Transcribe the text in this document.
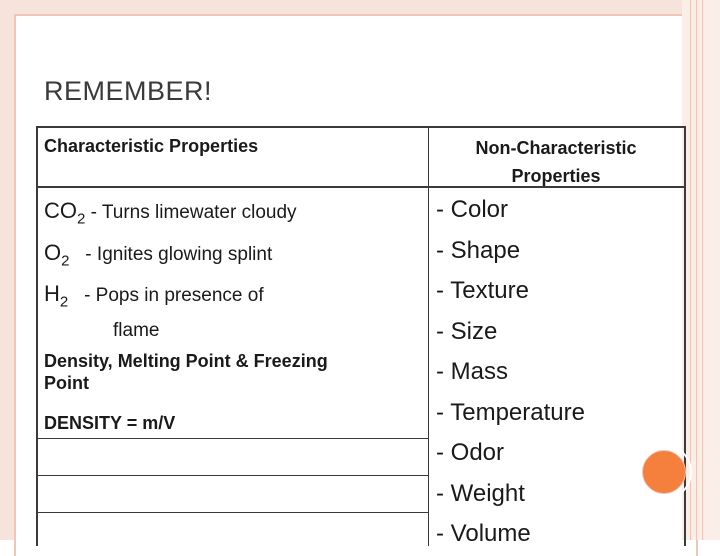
REMEMBER!
Characteristic Properties	Non-Characteristic
Properties
$CO_2$ - Turns limewater cloudy
$O_2$   - Ignites glowing splint
$H_2$   - Pops in presence of
flame
Density, Melting Point & Freezing
Point
DENSITY = m/V
- Color
- Shape
- Texture
- Size
- Mass
- Temperature
- Odor
- Weight
- Volume
